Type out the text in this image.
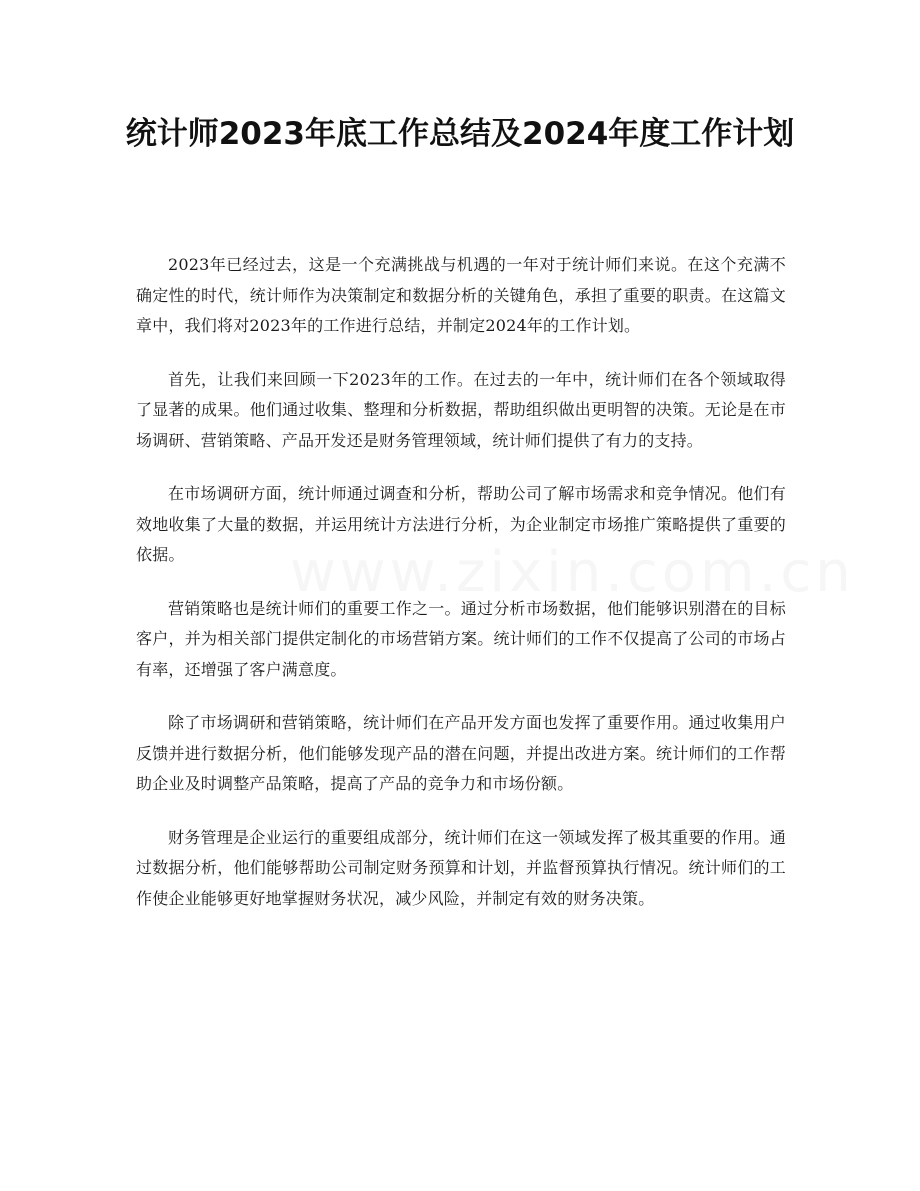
www.zixin.com.cn
统计师2023年底工作总结及2024年度工作计划

2023年已经过去，这是一个充满挑战与机遇的一年对于统计师们来说。在这个充满不确定性的时代，统计师作为决策制定和数据分析的关键角色，承担了重要的职责。在这篇文章中，我们将对2023年的工作进行总结，并制定2024年的工作计划。

首先，让我们来回顾一下2023年的工作。在过去的一年中，统计师们在各个领域取得了显著的成果。他们通过收集、整理和分析数据，帮助组织做出更明智的决策。无论是在市场调研、营销策略、产品开发还是财务管理领域，统计师们提供了有力的支持。

在市场调研方面，统计师通过调查和分析，帮助公司了解市场需求和竞争情况。他们有效地收集了大量的数据，并运用统计方法进行分析，为企业制定市场推广策略提供了重要的依据。

营销策略也是统计师们的重要工作之一。通过分析市场数据，他们能够识别潜在的目标客户，并为相关部门提供定制化的市场营销方案。统计师们的工作不仅提高了公司的市场占有率，还增强了客户满意度。

除了市场调研和营销策略，统计师们在产品开发方面也发挥了重要作用。通过收集用户反馈并进行数据分析，他们能够发现产品的潜在问题，并提出改进方案。统计师们的工作帮助企业及时调整产品策略，提高了产品的竞争力和市场份额。

财务管理是企业运行的重要组成部分，统计师们在这一领域发挥了极其重要的作用。通过数据分析，他们能够帮助公司制定财务预算和计划，并监督预算执行情况。统计师们的工作使企业能够更好地掌握财务状况，减少风险，并制定有效的财务决策。
